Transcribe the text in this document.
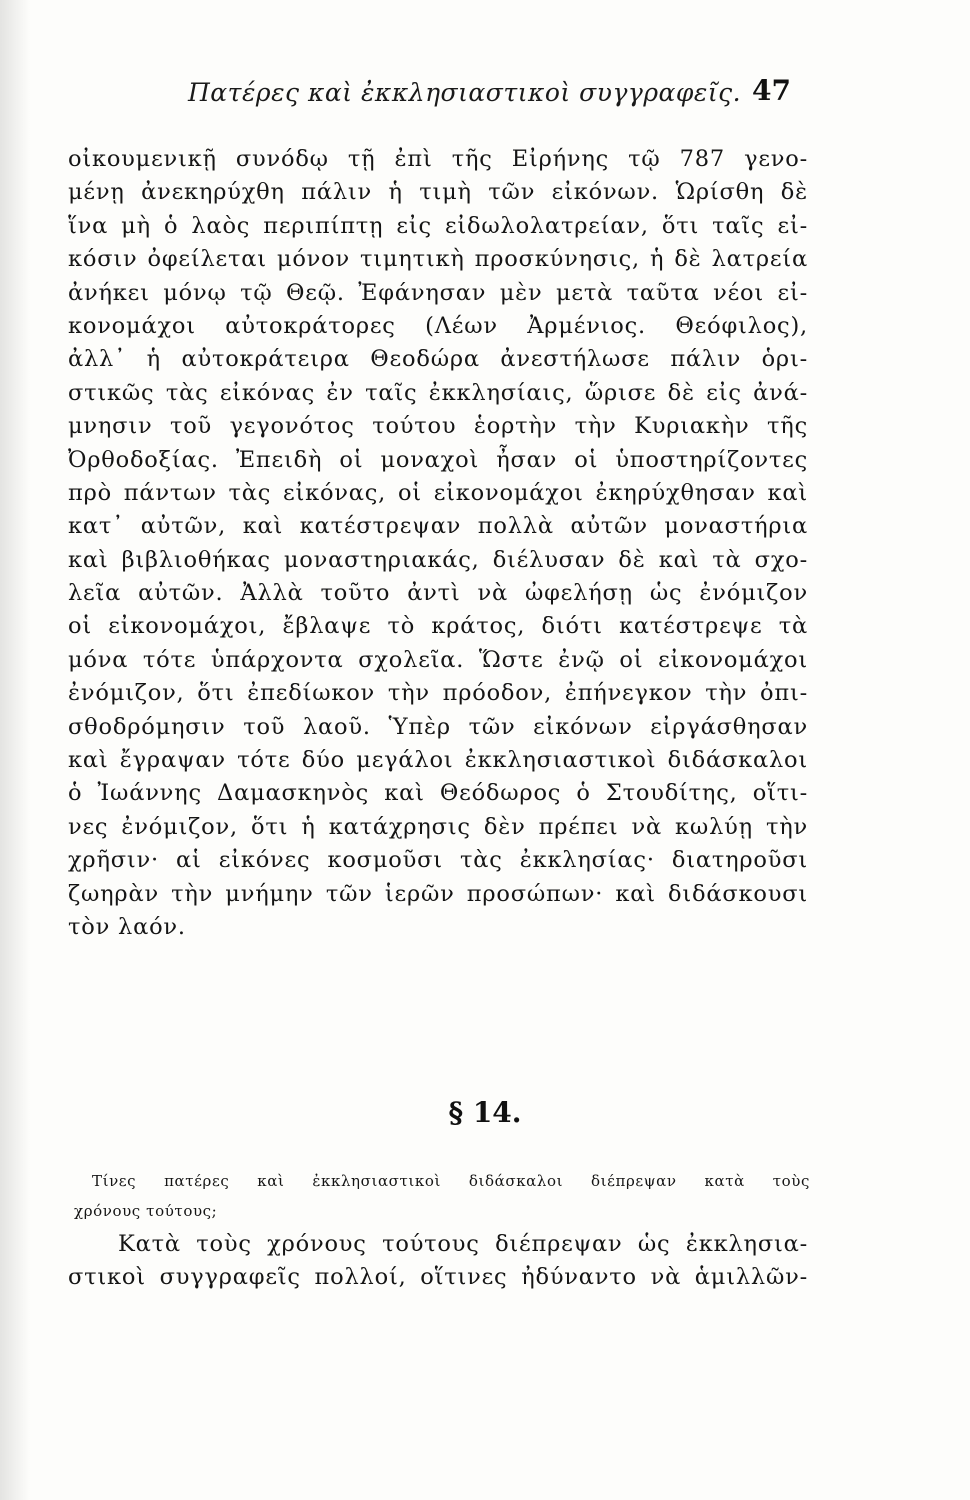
Πατέρες καὶ ἐκκλησιαστικοὶ συγγραφεῖς. 47
οἰκουμενικῇ συνόδῳ τῇ ἐπὶ τῆς Εἰρήνης τῷ 787 γενο-
μένῃ ἀνεκηρύχθη πάλιν ἡ τιμὴ τῶν εἰκόνων. Ὡρίσθη δὲ
ἵνα μὴ ὁ λαὸς περιπίπτῃ εἰς εἰδωλολατρείαν, ὅτι ταῖς εἰ-
κόσιν ὀφείλεται μόνον τιμητικὴ προσκύνησις, ἡ δὲ λατρεία
ἀνήκει μόνῳ τῷ Θεῷ. Ἐφάνησαν μὲν μετὰ ταῦτα νέοι εἰ-
κονομάχοι αὐτοκράτορες (Λέων Ἀρμένιος. Θεόφιλος),
ἀλλ᾿ ἡ αὐτοκράτειρα Θεοδώρα ἀνεστήλωσε πάλιν ὁρι-
στικῶς τὰς εἰκόνας ἐν ταῖς ἐκκλησίαις, ὥρισε δὲ εἰς ἀνά-
μνησιν τοῦ γεγονότος τούτου ἑορτὴν τὴν Κυριακὴν τῆς
Ὀρθοδοξίας. Ἐπειδὴ οἱ μοναχοὶ ἦσαν οἱ ὑποστηρίζοντες
πρὸ πάντων τὰς εἰκόνας, οἱ εἰκονομάχοι ἐκηρύχθησαν καὶ
κατ᾿ αὐτῶν, καὶ κατέστρεψαν πολλὰ αὐτῶν μοναστήρια
καὶ βιβλιοθήκας μοναστηριακάς, διέλυσαν δὲ καὶ τὰ σχο-
λεῖα αὐτῶν. Ἀλλὰ τοῦτο ἀντὶ νὰ ὠφελήσῃ ὡς ἐνόμιζον
οἱ εἰκονομάχοι, ἔβλαψε τὸ κράτος, διότι κατέστρεψε τὰ
μόνα τότε ὑπάρχοντα σχολεῖα. Ὥστε ἐνῷ οἱ εἰκονομάχοι
ἐνόμιζον, ὅτι ἐπεδίωκον τὴν πρόοδον, ἐπήνεγκον τὴν ὀπι-
σθοδρόμησιν τοῦ λαοῦ. Ὑπὲρ τῶν εἰκόνων εἰργάσθησαν
καὶ ἔγραψαν τότε δύο μεγάλοι ἐκκλησιαστικοὶ διδάσκαλοι
ὁ Ἰωάννης Δαμασκηνὸς καὶ Θεόδωρος ὁ Στουδίτης, οἵτι-
νες ἐνόμιζον, ὅτι ἡ κατάχρησις δὲν πρέπει νὰ κωλύῃ τὴν
χρῆσιν· αἱ εἰκόνες κοσμοῦσι τὰς ἐκκλησίας· διατηροῦσι
ζωηρὰν τὴν μνήμην τῶν ἱερῶν προσώπων· καὶ διδάσκουσι
τὸν λαόν.
§ 14.
Τίνες πατέρες καὶ ἐκκλησιαστικοὶ διδάσκαλοι διέπρεψαν κατὰ τοὺς
χρόνους τούτους;
Κατὰ τοὺς χρόνους τούτους διέπρεψαν ὡς ἐκκλησια-
στικοὶ συγγραφεῖς πολλοί, οἵτινες ἠδύναντο νὰ ἁμιλλῶν-
